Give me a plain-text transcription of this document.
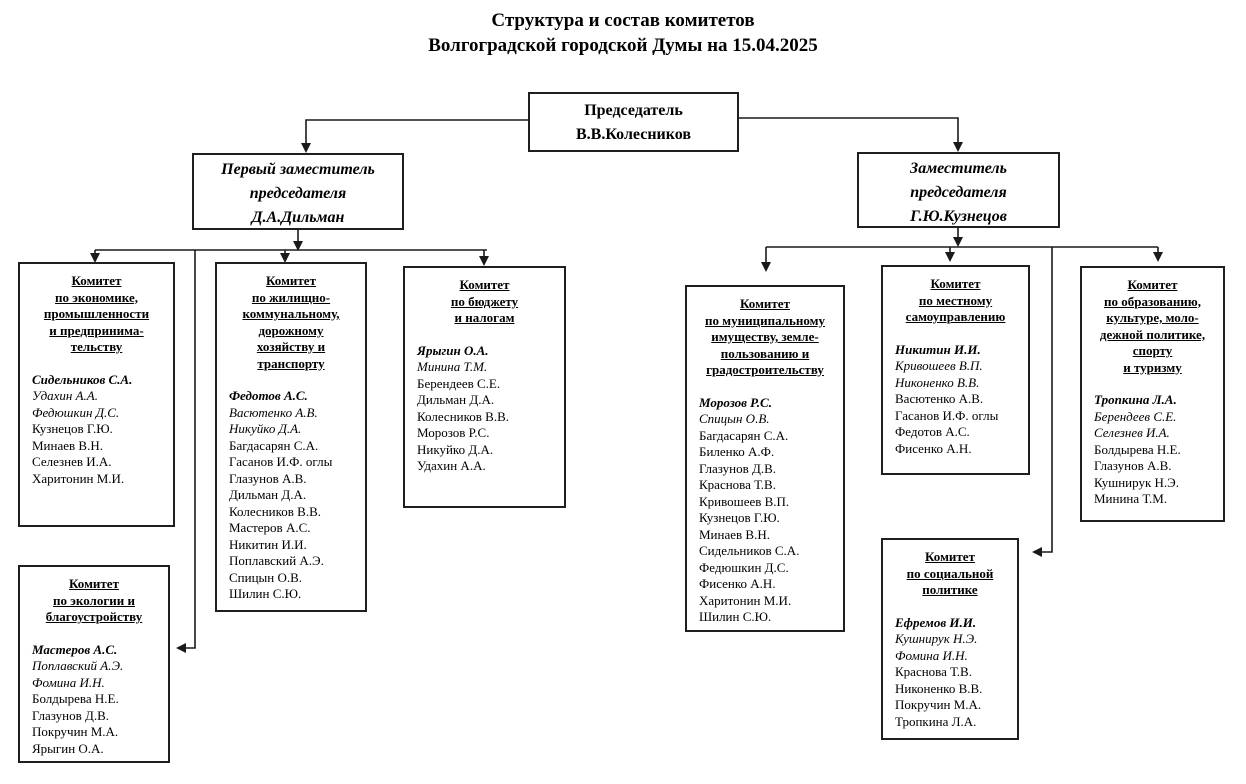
Структура и состав комитетов
Волгоградской городской Думы на 15.04.2025
Председатель
В.В.Колесников
Первый заместитель
председателя
Д.А.Дильман
Заместитель
председателя
Г.Ю.Кузнецов
Комитет
по экономике,
промышленности
и предпринима-
тельству
Сидельников С.А.
Удахин А.А.
Федюшкин Д.С.
Кузнецов Г.Ю.
Минаев В.Н.
Селезнев И.А.
Харитонин М.И.
Комитет
по жилищно-
коммунальному,
дорожному
хозяйству и
транспорту
Федотов А.С.
Васютенко А.В.
Никуйко Д.А.
Багдасарян С.А.
Гасанов И.Ф. оглы
Глазунов А.В.
Дильман Д.А.
Колесников В.В.
Мастеров А.С.
Никитин И.И.
Поплавский А.Э.
Спицын О.В.
Шилин С.Ю.
Комитет
по бюджету
и налогам
Ярыгин О.А.
Минина Т.М.
Берендеев С.Е.
Дильман Д.А.
Колесников В.В.
Морозов Р.С.
Никуйко Д.А.
Удахин А.А.
Комитет
по экологии и
благоустройству
Мастеров А.С.
Поплавский А.Э.
Фомина И.Н.
Болдырева Н.Е.
Глазунов Д.В.
Покручин М.А.
Ярыгин О.А.
Комитет
по муниципальному
имуществу, земле-
пользованию и
градостроительству
Морозов Р.С.
Спицын О.В.
Багдасарян С.А.
Биленко А.Ф.
Глазунов Д.В.
Краснова Т.В.
Кривошеев В.П.
Кузнецов Г.Ю.
Минаев В.Н.
Сидельников С.А.
Федюшкин Д.С.
Фисенко А.Н.
Харитонин М.И.
Шилин С.Ю.
Комитет
по местному
самоуправлению
Никитин И.И.
Кривошеев В.П.
Никоненко В.В.
Васютенко А.В.
Гасанов И.Ф. оглы
Федотов А.С.
Фисенко А.Н.
Комитет
по образованию,
культуре, моло-
дежной политике,
спорту
и туризму
Тропкина Л.А.
Берендеев С.Е.
Селезнев И.А.
Болдырева Н.Е.
Глазунов А.В.
Кушнирук Н.Э.
Минина Т.М.
Комитет
по социальной
политике
Ефремов И.И.
Кушнирук Н.Э.
Фомина И.Н.
Краснова Т.В.
Никоненко В.В.
Покручин М.А.
Тропкина Л.А.
